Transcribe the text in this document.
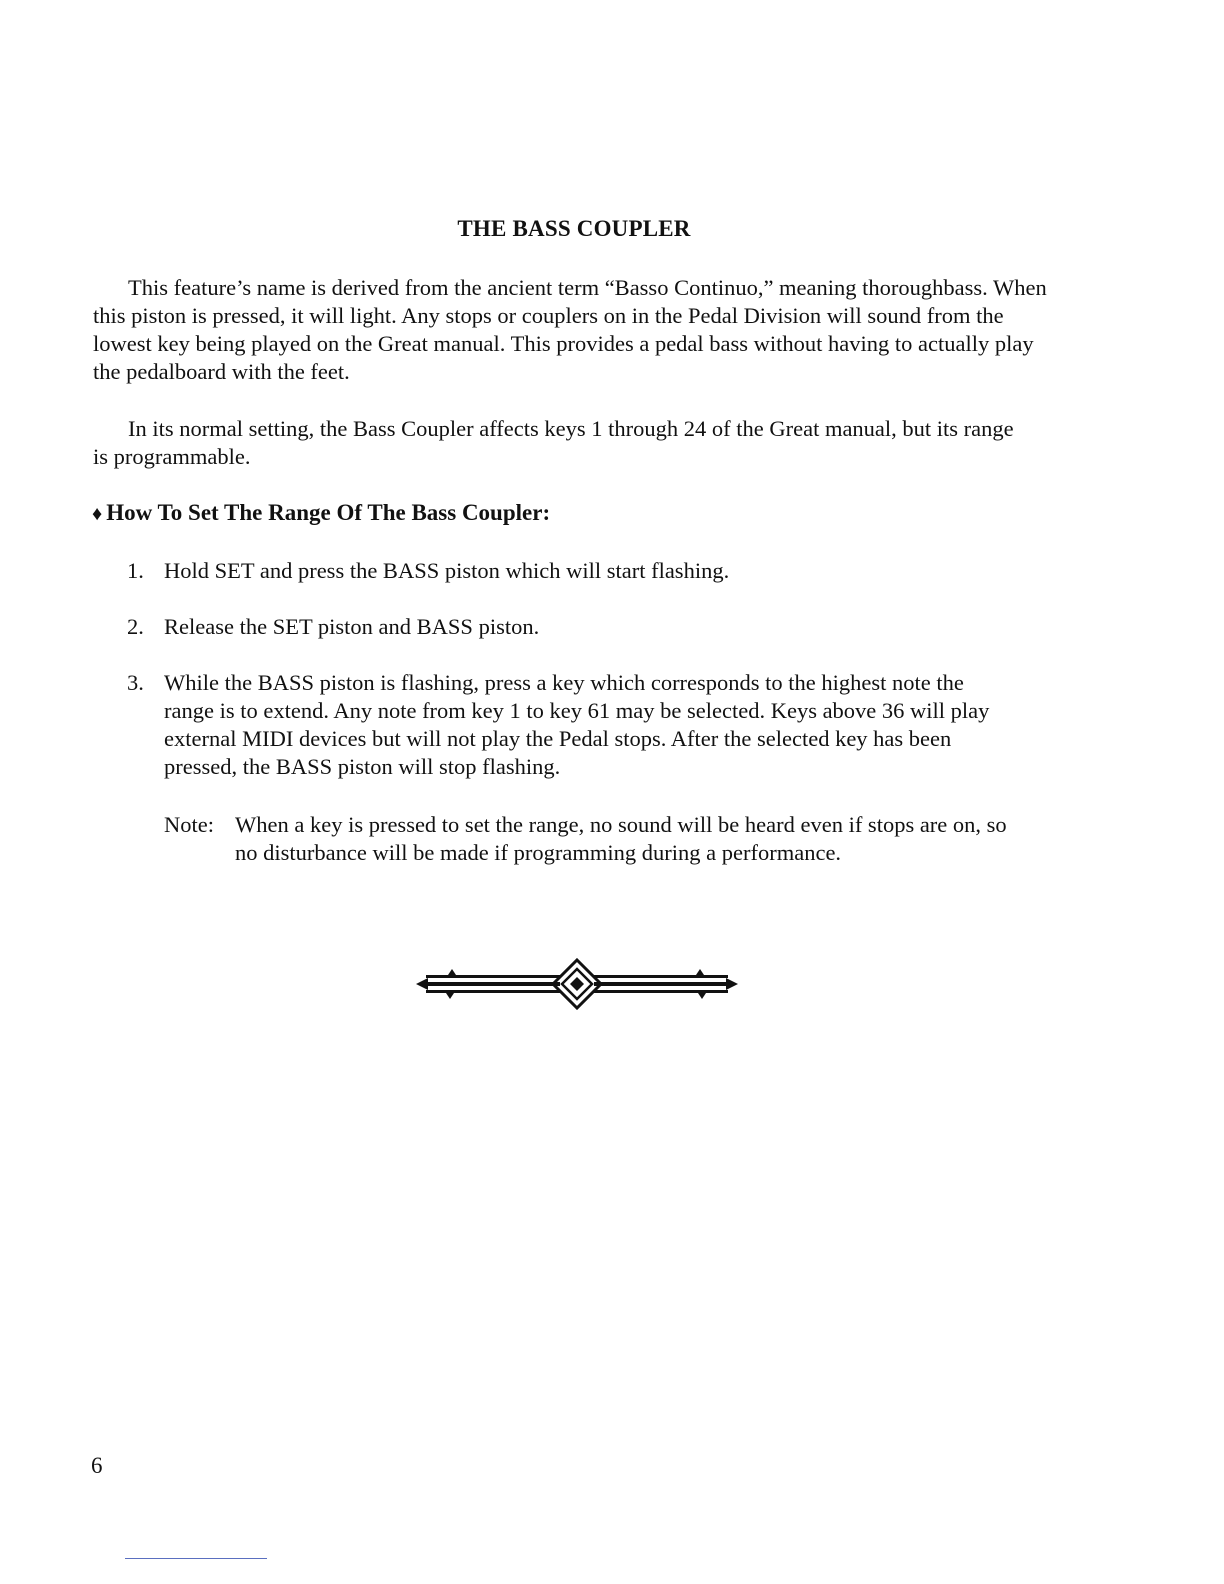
THE BASS COUPLER

This feature’s name is derived from the ancient term “Basso Continuo,” meaning thoroughbass. When this piston is pressed, it will light. Any stops or couplers on in the Pedal Division will sound from the lowest key being played on the Great manual. This provides a pedal bass without having to actually play the pedalboard with the feet.

In its normal setting, the Bass Coupler affects keys 1 through 24 of the Great manual, but its range is programmable.

♦ How To Set The Range Of The Bass Coupler:
1. Hold SET and press the BASS piston which will start flashing.
2. Release the SET piston and BASS piston.
3. While the BASS piston is flashing, press a key which corresponds to the highest note the range is to extend. Any note from key 1 to key 61 may be selected. Keys above 36 will play external MIDI devices but will not play the Pedal stops. After the selected key has been pressed, the BASS piston will stop flashing.
Note: When a key is pressed to set the range, no sound will be heard even if stops are on, so no disturbance will be made if programming during a performance.
6
